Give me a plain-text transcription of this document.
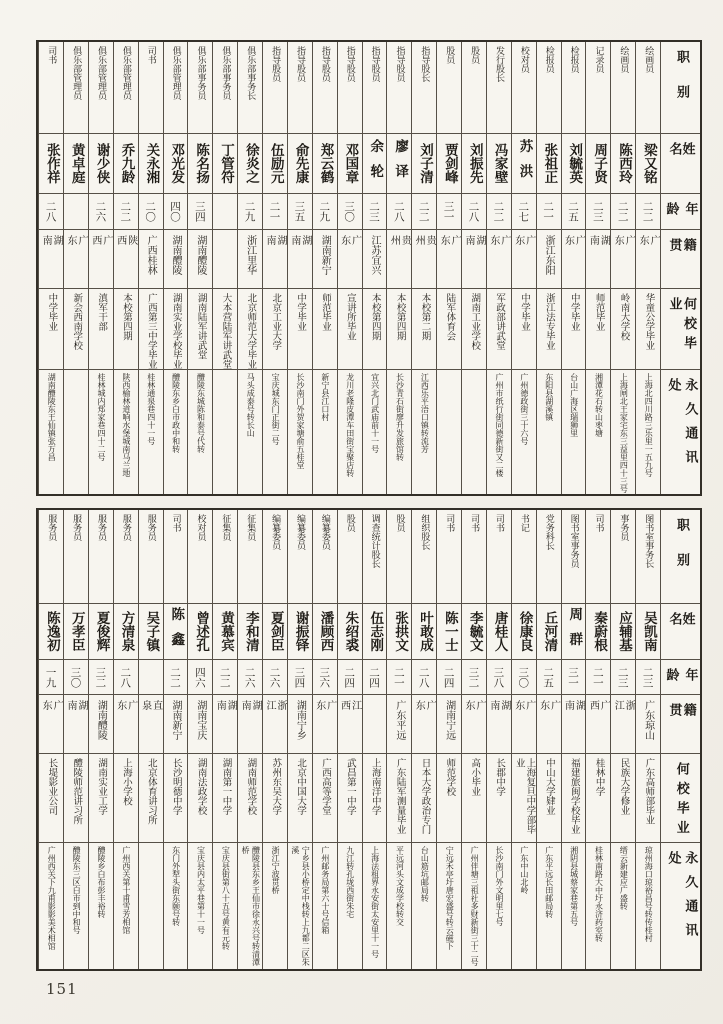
职别
姓名
年龄
籍贯
何校毕业
永久通讯处
绘画员
梁又铭
二二
广东
华童公学毕业
上海北四川路三乐里一五九号
绘画员
陈西玲
二二
广东
岭南大学校
上海闸北王家宅东三益里四十三号
记录员
周子贤
二三
湖南
师范毕业
湘潭花石转山枣塘
检报员
刘毓英
二五
广东
中学毕业
台山广海区瑞狮里
检报员
张祖正
二一
浙江东阳
浙江法专毕业
东阳县湖溪镇
校对员
苏洪
二七
广东
中学毕业
广州德政街三十六号
发行股长
冯家壁
二二
广东
军政部讲武堂
广州市纸行街同德新街又二楼
股员
刘振先
二八
湖南
湖南工业学校
股员
贾剑峰
三一
广东
陆军体育会
指导股长
刘子清
二二
贵州
本校第二期
江西乐平浯口镇转流芳
指导股员
廖译
二八
贵州
本校第四期
长沙青石街廖升发旅馆转
指导股员
余轮
二三
江苏宜兴
本校第四期
宜兴北门武庙前十一号
指导股员
邓国章
三〇
广东
宣讲所毕业
龙川老隆皮潭车田街宝聚店转
指导股员
郑云鹤
二九
湖南新宁
师范毕业
新宁县江口村
指导股员
俞先康
三五
湖南
中学毕业
长沙南门外贺家塘俞五桂堂
指导股员
伍励元
二一
湖南
北京工业大学
宝庆城东门正街二号
俱乐部事务长
徐炎之
二九
浙江里华
北京师范大学毕业
马头成泰号转长山
俱乐部事务员
丁管符
大本营陆军讲武堂
俱乐部事务员
陈名扬
三四
湖南醴陵
湖南陆军讲武堂
醴陵东城陈和泰号代转
俱乐部管理员
邓光发
四〇
湖南醴陵
湖南实业学校毕业
醴陵东乡白市政中和转
司书
关永湘
二〇
广西桂林
广西第三中学毕业
桂林通泉巷四十一号
俱乐部管理员
乔九龄
二二
陕西
本校第四期
陕西榆林道响水堡城南马兰地
俱乐部管理员
谢少侠
二六
广西
滇军干部
桂林城内郑家巷四十二号
俱乐部管理员
黄卓庭
广东
新会西南学校
司书
张作祥
二八
湖南
中学毕业
湖南醴陵东王仙镇张万昌
职别
姓名
年龄
籍贯
何校毕业
永久通讯处
图书室事务长
吴凯南
二三
广东琼山
广东高师部毕业
琼州海口琼裕昌号转传桂村
事务员
应辅基
二三
浙江
民族大学修业
缙云新建应广盛转
司书
秦蔚根
二一
广西
桂林中学
桂林南路大中圩永济药室转
图书室事务员
周群
三一
湖南
福建旅闽学校毕业
湘阴县城蔡家巷第五号
党务科长
丘河清
二五
广东
中山大学肄业
广东平远长田邮局转
书记
徐康良
三〇
广东
上海复旦中学部毕业
广东中山北岭
司书
唐桂人
三八
湖南
长郡中学
长沙南门外文明里七号
司书
李毓文
三二
广东
高小毕业
广州伴塘三祖社多财新街三十二号
司书
陈一士
二四
湖南宁远
师范学校
宁远禾亭圩唐宏盛号转云磁下
组织股长
叶敢成
二八
广东
日本大学政治专门
台山筋坑邮局转
股员
张拱文
二一
广东平远
广东陆军测量毕业
平远河头文成学校转交
调查统计股长
伍志刚
二四
上海南洋中学
上海法租界永安街太安里十一号
股员
朱绍裘
二四
江西
武昌第一中学
九江转孔垅西街朱宅
编纂委员
潘顾西
三六
广东
广西高等学堂
广州邮务局第六十号信箱
编纂委员
谢振铎
三四
湖南宁乡
北京中国大学
宁乡县小桥定中栈转上九都二区朱溪
编纂委员
夏剑臣
二六
浙江
苏州东吴大学
浙江宁波贯桥
征集员
李和清
二六
湖南
湖南师范学校
醴陵县东乡王仙市徐永兴号转清潭桥
征集员
黄慕宾
二二
湖南
湖南第一中学
宝庆县街第八十五号黄有元转
校对员
曾述孔
四六
湖南宝庆
湖南法政学校
宝庆县内太平巷第十一号
司书
陈鑫
二二
湖南新宁
长沙明德中学
东门外犁头街东颐号转
服务员
吴子镇
直泉
北京体育讲习所
服务员
方清泉
二八
广东
上海小学校
广州西关第十甫雪芳相馆
服务员
夏俊辉
三二
湖南醴陵
湖南实业工学
醴陵乡白布彭丰裕转
服务员
万孝臣
三〇
湖南
醴陵师范讲习所
醴陵东三区白市到中和号
服务员
陈逸初
一九
广东
长堤影业公司
广州西关下九甫影影美术相馆
151
